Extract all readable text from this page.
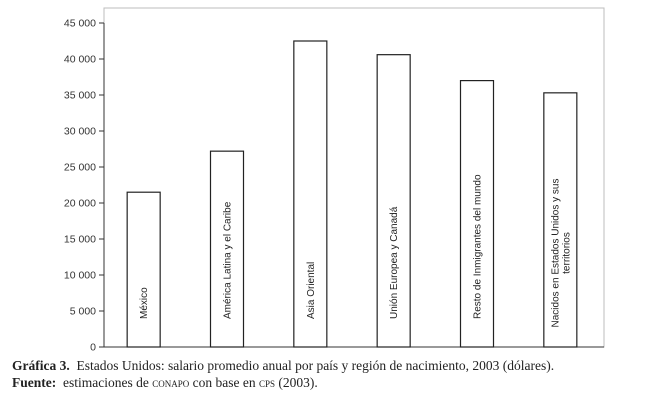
0
5 000
10 000
15 000
20 000
25 000
30 000
35 000
40 000
45 000
México	América Latina y el Caribe	Asia Oriental	Unión Europea y Canadá	Resto de Inmigrantes del mundo	Nacidos en Estados Unidos y sus territorios
Gráfica 3. Estados Unidos: salario promedio anual por país y región de nacimiento, 2003 (dólares).
Fuente: estimaciones de conapo con base en cps (2003).
